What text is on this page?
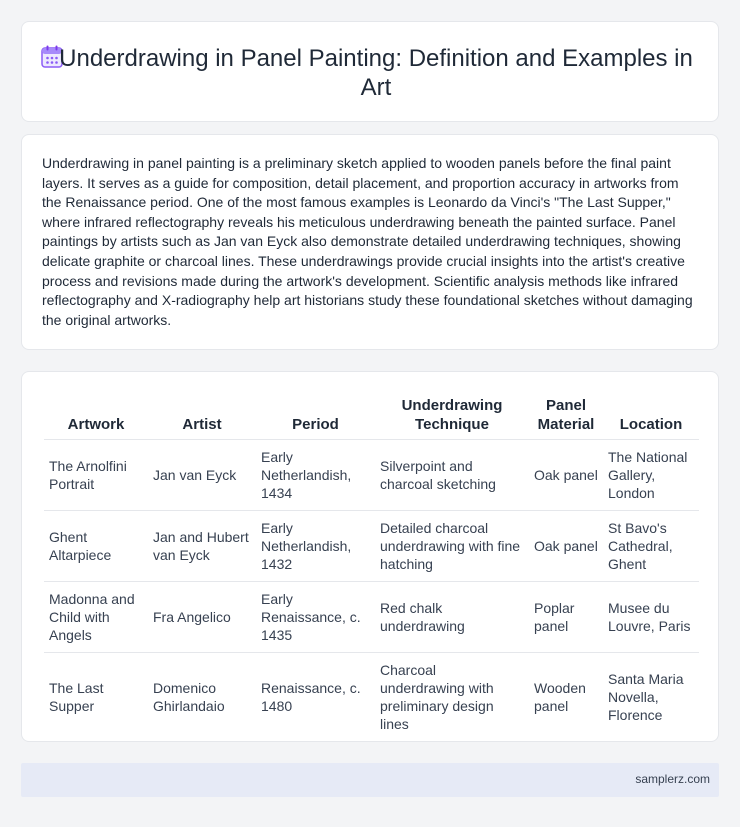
Underdrawing in Panel Painting: Definition and Examples in Art

Underdrawing in panel painting is a preliminary sketch applied to wooden panels before the final paint layers. It serves as a guide for composition, detail placement, and proportion accuracy in artworks from the Renaissance period. One of the most famous examples is Leonardo da Vinci's "The Last Supper," where infrared reflectography reveals his meticulous underdrawing beneath the painted surface. Panel paintings by artists such as Jan van Eyck also demonstrate detailed underdrawing techniques, showing delicate graphite or charcoal lines. These underdrawings provide crucial insights into the artist's creative process and revisions made during the artwork's development. Scientific analysis methods like infrared reflectography and X-radiography help art historians study these foundational sketches without damaging the original artworks.

Artwork	Artist	Period	Underdrawing Technique	Panel Material	Location
The Arnolfini Portrait	Jan van Eyck	Early Netherlandish, 1434	Silverpoint and charcoal sketching	Oak panel	The National Gallery, London
Ghent Altarpiece	Jan and Hubert van Eyck	Early Netherlandish, 1432	Detailed charcoal underdrawing with fine hatching	Oak panel	St Bavo's Cathedral, Ghent
Madonna and Child with Angels	Fra Angelico	Early Renaissance, c. 1435	Red chalk underdrawing	Poplar panel	Musee du Louvre, Paris
The Last Supper	Domenico Ghirlandaio	Renaissance, c. 1480	Charcoal underdrawing with preliminary design lines	Wooden panel	Santa Maria Novella, Florence
samplerz.com
